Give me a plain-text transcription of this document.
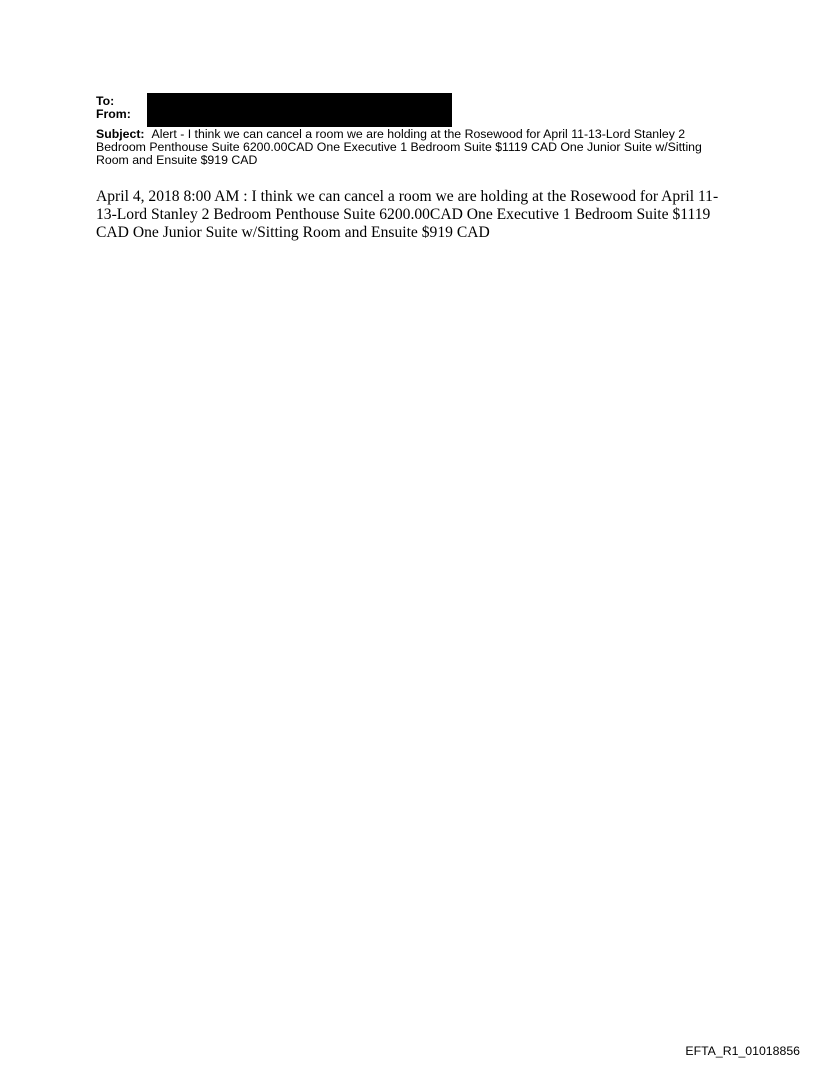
To:
From:
Subject: Alert - I think we can cancel a room we are holding at the Rosewood for April 11-13-Lord Stanley 2 Bedroom Penthouse Suite 6200.00CAD One Executive 1 Bedroom Suite $1119 CAD One Junior Suite w/Sitting Room and Ensuite $919 CAD
April 4, 2018 8:00 AM : I think we can cancel a room we are holding at the Rosewood for April 11-13-Lord Stanley 2 Bedroom Penthouse Suite 6200.00CAD One Executive 1 Bedroom Suite $1119 CAD One Junior Suite w/Sitting Room and Ensuite $919 CAD
EFTA_R1_01018856
